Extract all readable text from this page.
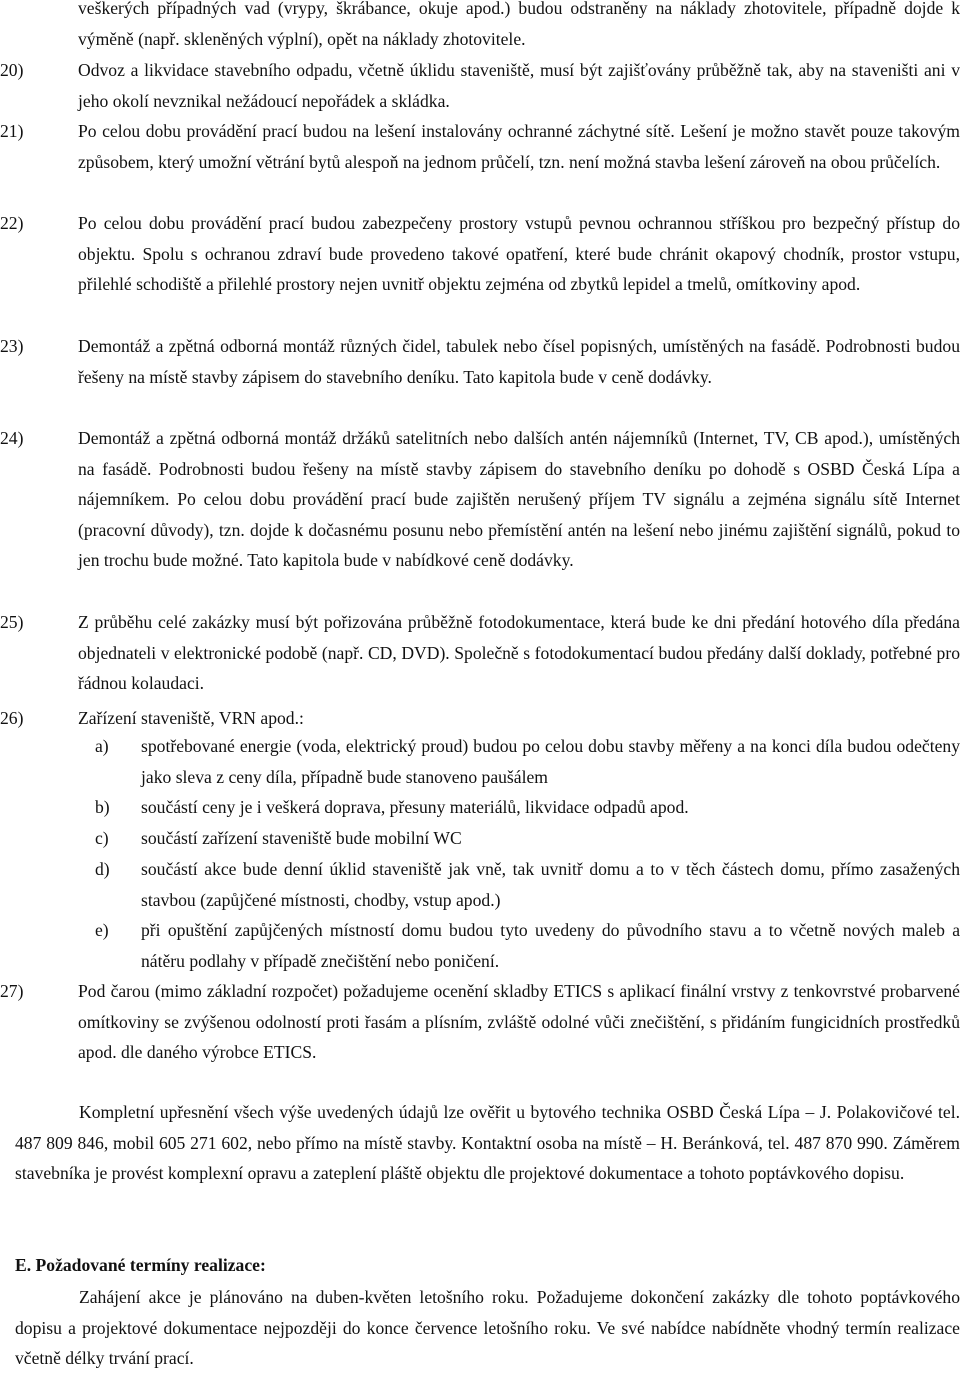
veškerých případných vad (vrypy, škrábance, okuje apod.) budou odstraněny na náklady zhotovitele, případně dojde k výměně (např. skleněných výplní), opět na náklady zhotovitele.
20)	Odvoz a likvidace stavebního odpadu, včetně úklidu staveniště, musí být zajišťovány průběžně tak, aby na staveništi ani v jeho okolí nevznikal nežádoucí nepořádek a skládka.
21)	Po celou dobu provádění prací budou na lešení instalovány ochranné záchytné sítě. Lešení je možno stavět pouze takovým způsobem, který umožní větrání bytů alespoň na jednom průčelí, tzn. není možná stavba lešení zároveň na obou průčelích.
22)	Po celou dobu provádění prací budou zabezpečeny prostory vstupů pevnou ochrannou stříškou pro bezpečný přístup do objektu. Spolu s ochranou zdraví bude provedeno takové opatření, které bude chránit okapový chodník, prostor vstupu, přilehlé schodiště a přilehlé prostory nejen uvnitř objektu zejména od zbytků lepidel a tmelů, omítkoviny apod.
23)	Demontáž a zpětná odborná montáž různých čidel, tabulek nebo čísel popisných, umístěných na fasádě. Podrobnosti budou řešeny na místě stavby zápisem do stavebního deníku. Tato kapitola bude v ceně dodávky.
24)	Demontáž a zpětná odborná montáž držáků satelitních nebo dalších antén nájemníků (Internet, TV, CB apod.), umístěných na fasádě. Podrobnosti budou řešeny na místě stavby zápisem do stavebního deníku po dohodě s OSBD Česká Lípa a nájemníkem. Po celou dobu provádění prací bude zajištěn nerušený příjem TV signálu a zejména signálu sítě Internet (pracovní důvody), tzn. dojde k dočasnému posunu nebo přemístění antén na lešení nebo jinému zajištění signálů, pokud to jen trochu bude možné. Tato kapitola bude v nabídkové ceně dodávky.
25)	Z průběhu celé zakázky musí být pořizována průběžně fotodokumentace, která bude ke dni předání hotového díla předána objednateli v elektronické podobě (např. CD, DVD). Společně s fotodokumentací budou předány další doklady, potřebné pro řádnou kolaudaci.
26)	Zařízení staveniště, VRN apod.:
a) spotřebované energie (voda, elektrický proud) budou po celou dobu stavby měřeny a na konci díla budou odečteny jako sleva z ceny díla, případně bude stanoveno paušálem
b) součástí ceny je i veškerá doprava, přesuny materiálů, likvidace odpadů apod.
c) součástí zařízení staveniště bude mobilní WC
d) součástí akce bude denní úklid staveniště jak vně, tak uvnitř domu a to v těch částech domu, přímo zasažených stavbou (zapůjčené místnosti, chodby, vstup apod.)
e) při opuštění zapůjčených místností domu budou tyto uvedeny do původního stavu a to včetně nových maleb a nátěru podlahy v případě znečištění nebo poničení.
27)	Pod čarou (mimo základní rozpočet) požadujeme ocenění skladby ETICS s aplikací finální vrstvy z tenkovrstvé probarvené omítkoviny se zvýšenou odolností proti řasám a plísním, zvláště odolné vůči znečištění, s přidáním fungicidních prostředků apod. dle daného výrobce ETICS.
Kompletní upřesnění všech výše uvedených údajů lze ověřit u bytového technika OSBD Česká Lípa – J. Polakovičové tel. 487 809 846, mobil 605 271 602, nebo přímo na místě stavby. Kontaktní osoba na místě – H. Beránková, tel. 487 870 990. Záměrem stavebníka je provést komplexní opravu a zateplení pláště objektu dle projektové dokumentace a tohoto poptávkového dopisu.
E. Požadované termíny realizace:
Zahájení akce je plánováno na duben-květen letošního roku. Požadujeme dokončení zakázky dle tohoto poptávkového dopisu a projektové dokumentace nejpozději do konce července letošního roku. Ve své nabídce nabídněte vhodný termín realizace včetně délky trvání prací.
